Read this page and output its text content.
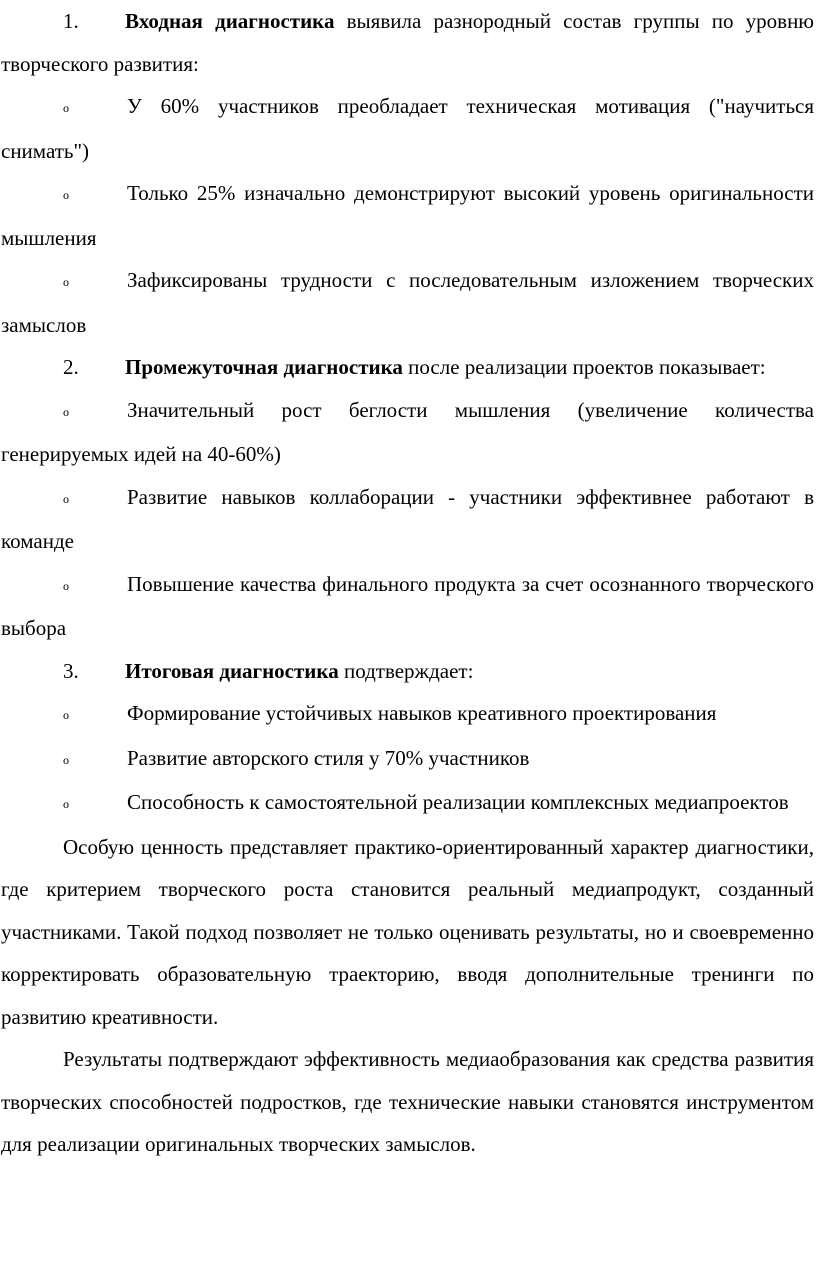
1. Входная диагностика выявила разнородный состав группы по уровню творческого развития:

o	У 60% участников преобладает техническая мотивация ("научиться снимать")

o	Только 25% изначально демонстрируют высокий уровень оригинальности мышления

o	Зафиксированы трудности с последовательным изложением творческих замыслов

2. Промежуточная диагностика после реализации проектов показывает:

o	Значительный рост беглости мышления (увеличение количества генерируемых идей на 40-60%)

o	Развитие навыков коллаборации - участники эффективнее работают в команде

o	Повышение качества финального продукта за счет осознанного творческого выбора

3. Итоговая диагностика подтверждает:

o	Формирование устойчивых навыков креативного проектирования

o	Развитие авторского стиля у 70% участников

o	Способность к самостоятельной реализации комплексных медиапроектов

Особую ценность представляет практико-ориентированный характер диагностики, где критерием творческого роста становится реальный медиапродукт, созданный участниками. Такой подход позволяет не только оценивать результаты, но и своевременно корректировать образовательную траекторию, вводя дополнительные тренинги по развитию креативности.

Результаты подтверждают эффективность медиаобразования как средства развития творческих способностей подростков, где технические навыки становятся инструментом для реализации оригинальных творческих замыслов.
